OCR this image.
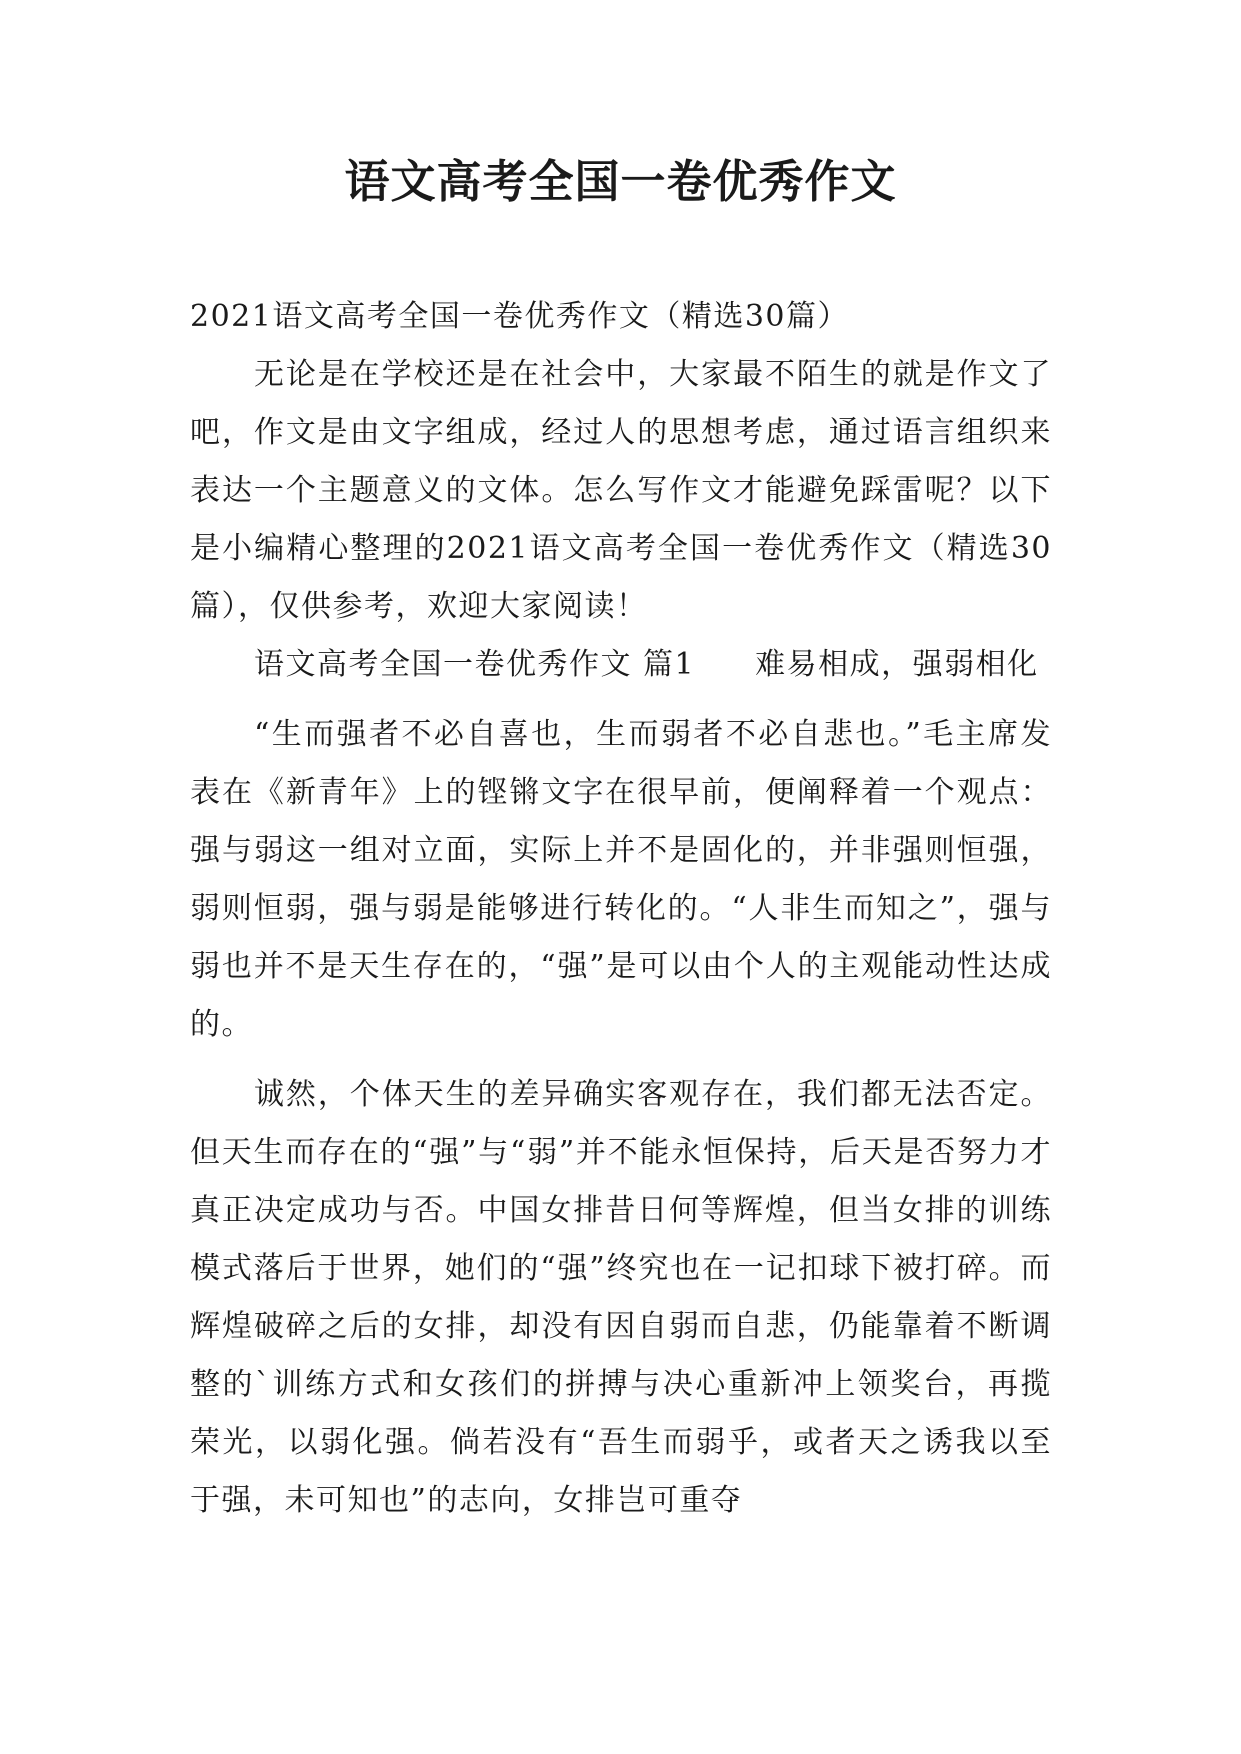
语文高考全国一卷优秀作文

2021语文高考全国一卷优秀作文（精选30篇）

无论是在学校还是在社会中，大家最不陌生的就是作文了吧，作文是由文字组成，经过人的思想考虑，通过语言组织来表达一个主题意义的文体。怎么写作文才能避免踩雷呢？以下是小编精心整理的2021语文高考全国一卷优秀作文（精选30篇），仅供参考，欢迎大家阅读！

语文高考全国一卷优秀作文 篇1 难易相成，强弱相化

“生而强者不必自喜也，生而弱者不必自悲也。”毛主席发表在《新青年》上的铿锵文字在很早前，便阐释着一个观点：强与弱这一组对立面，实际上并不是固化的，并非强则恒强，弱则恒弱，强与弱是能够进行转化的。“人非生而知之”，强与弱也并不是天生存在的，“强”是可以由个人的主观能动性达成的。

诚然，个体天生的差异确实客观存在，我们都无法否定。但天生而存在的“强”与“弱”并不能永恒保持，后天是否努力才真正决定成功与否。中国女排昔日何等辉煌，但当女排的训练模式落后于世界，她们的“强”终究也在一记扣球下被打碎。而辉煌破碎之后的女排，却没有因自弱而自悲，仍能靠着不断调整的`训练方式和女孩们的拼搏与决心重新冲上领奖台，再揽荣光，以弱化强。倘若没有“吾生而弱乎，或者天之诱我以至于强，未可知也”的志向，女排岂可重夺
